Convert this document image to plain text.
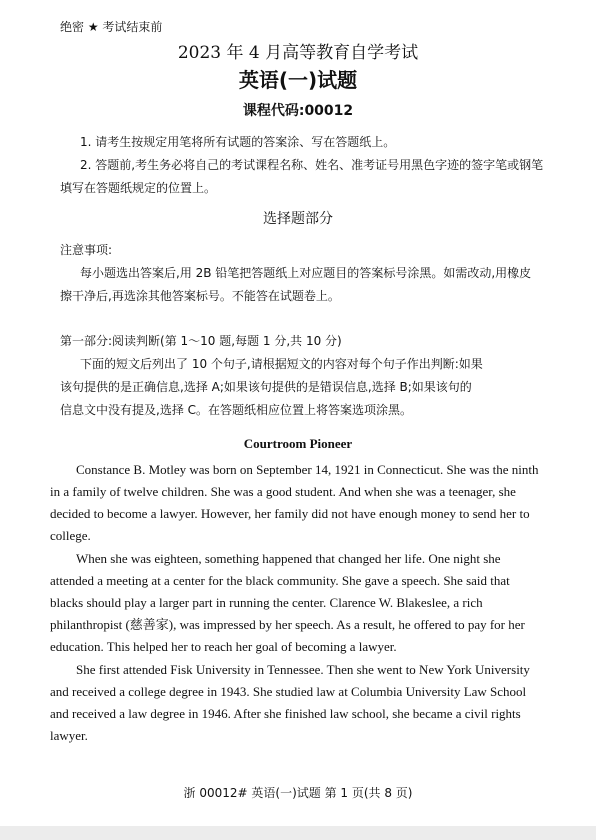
绝密 ★ 考试结束前
2023 年 4 月高等教育自学考试
英语(一)试题
课程代码:00012
1. 请考生按规定用笔将所有试题的答案涂、写在答题纸上。
2. 答题前,考生务必将自己的考试课程名称、姓名、准考证号用黑色字迹的签字笔或钢笔
填写在答题纸规定的位置上。
选择题部分
注意事项:
每小题选出答案后,用 2B 铅笔把答题纸上对应题目的答案标号涂黑。如需改动,用橡皮
擦干净后,再选涂其他答案标号。不能答在试题卷上。
第一部分:阅读判断(第 1～10 题,每题 1 分,共 10 分)
下面的短文后列出了 10 个句子,请根据短文的内容对每个句子作出判断:如果
该句提供的是正确信息,选择 A;如果该句提供的是错误信息,选择 B;如果该句的
信息文中没有提及,选择 C。在答题纸相应位置上将答案选项涂黑。
Courtroom Pioneer
Constance B. Motley was born on September 14, 1921 in Connecticut. She was the ninth
in a family of twelve children. She was a good student. And when she was a teenager, she
decided to become a lawyer. However, her family did not have enough money to send her to
college.
When she was eighteen, something happened that changed her life. One night she
attended a meeting at a center for the black community. She gave a speech. She said that
blacks should play a larger part in running the center. Clarence W. Blakeslee, a rich
philanthropist (慈善家), was impressed by her speech. As a result, he offered to pay for her
education. This helped her to reach her goal of becoming a lawyer.
She first attended Fisk University in Tennessee. Then she went to New York University
and received a college degree in 1943. She studied law at Columbia University Law School
and received a law degree in 1946. After she finished law school, she became a civil rights
lawyer.
浙 00012# 英语(一)试题 第 1 页(共 8 页)
